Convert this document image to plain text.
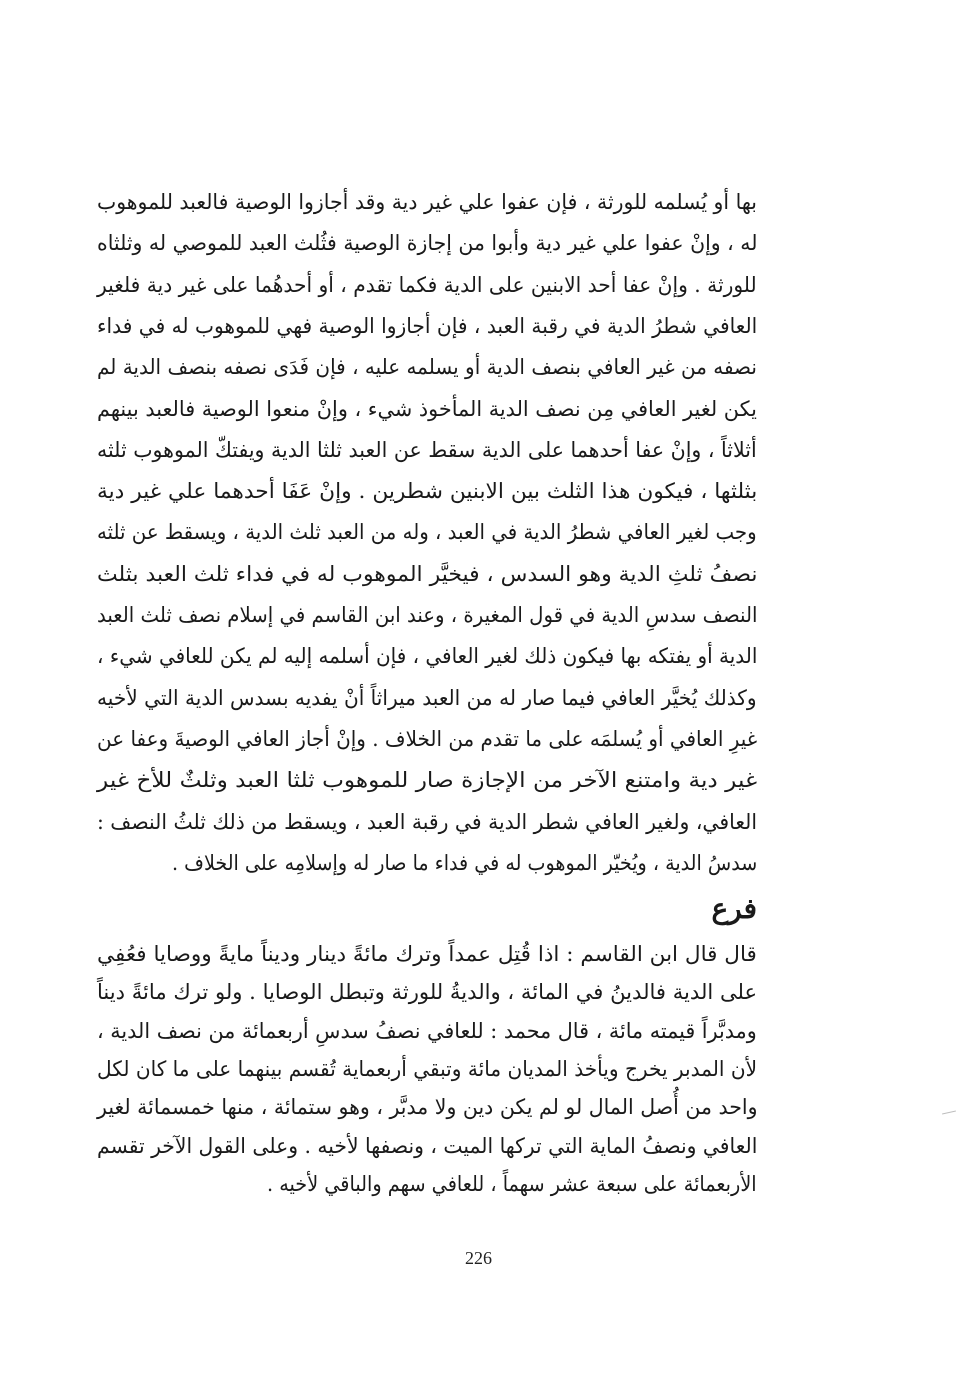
بها أو يُسلمه للورثة ، فإن عفوا علي غير دية وقد أجازوا الوصية فالعبد للموهوب
له ، وإنْ عفوا علي غير دية وأبوا من إجازة الوصية فثُلث العبد للموصي له وثلثاه
للورثة . وإنْ عفا أحد الابنين على الدية فكما تقدم ، أو أحدهُما على غير دية فلغير
العافي شطرُ الدية في رقبة العبد ، فإن أجازوا الوصية فهي للموهوب له في فداء
نصفه من غير العافي بنصف الدية أو يسلمه عليه ، فإن فَدَى نصفه بنصف الدية لم
يكن لغير العافي مِن نصف الدية المأخوذ شيء ، وإنْ منعوا الوصية فالعبد بينهم
أثلاثاً ، وإنْ عفا أحدهما على الدية سقط عن العبد ثلثا الدية ويفتكّ الموهوب ثلثه
بثلثها ، فيكون هذا الثلث بين الابنين شطرين . وإنْ عَفَا أحدهما علي غير دية
وجب لغير العافي شطرُ الدية في العبد ، وله من العبد ثلث الدية ، ويسقط عن ثلثه
نصفُ ثلثِ الدية وهو السدس ، فيخيَّر الموهوب له في فداء ثلث العبد بثلث
النصف سدسِ الدية في قول المغيرة ، وعند ابن القاسم في إسلام نصف ثلث العبد
الدية أو يفتكه بها فيكون ذلك لغير العافي ، فإن أسلمه إليه لم يكن للعافي شيء ،
وكذلك يُخيَّر العافي فيما صار له من العبد ميراثاً أنْ يفديه بسدس الدية التي لأخيه
غيرِ العافي أو يُسلمَه على ما تقدم من الخلاف . وإنْ أجاز العافي الوصيةَ وعفا عن
غير دية وامتنع الآخر من الإجازة صار للموهوب ثلثا العبد وثلثٌ للأخ غير
العافي، ولغير العافي شطر الدية في رقبة العبد ، ويسقط من ذلك ثلثُ النصف :
سدسُ الدية ، ويُخيّر الموهوب له في فداء ما صار له وإسلامِه على الخلاف .
فرع
قال قال ابن القاسم : اذا قُتِل عمداً وترك مائةً دينار وديناً مايةً ووصايا فعُفِي
على الدية فالدينُ في المائة ، والديةُ للورثة وتبطل الوصايا . ولو ترك مائةً ديناً
ومدبَّراً قيمته مائة ، قال محمد : للعافي نصفُ سدسِ أربعمائة من نصف الدية ،
لأن المدبر يخرج ويأخذ المديان مائة وتبقي أربعماية تُقسم بينهما على ما كان لكل
واحد من أُصل المال لو لم يكن دين ولا مدبَّر ، وهو ستمائة ، منها خمسمائة لغير
العافي ونصفُ الماية التي تركها الميت ، ونصفها لأخيه . وعلى القول الآخر تقسم
الأربعمائة على سبعة عشر سهماً ، للعافي سهم والباقي لأخيه .
226
